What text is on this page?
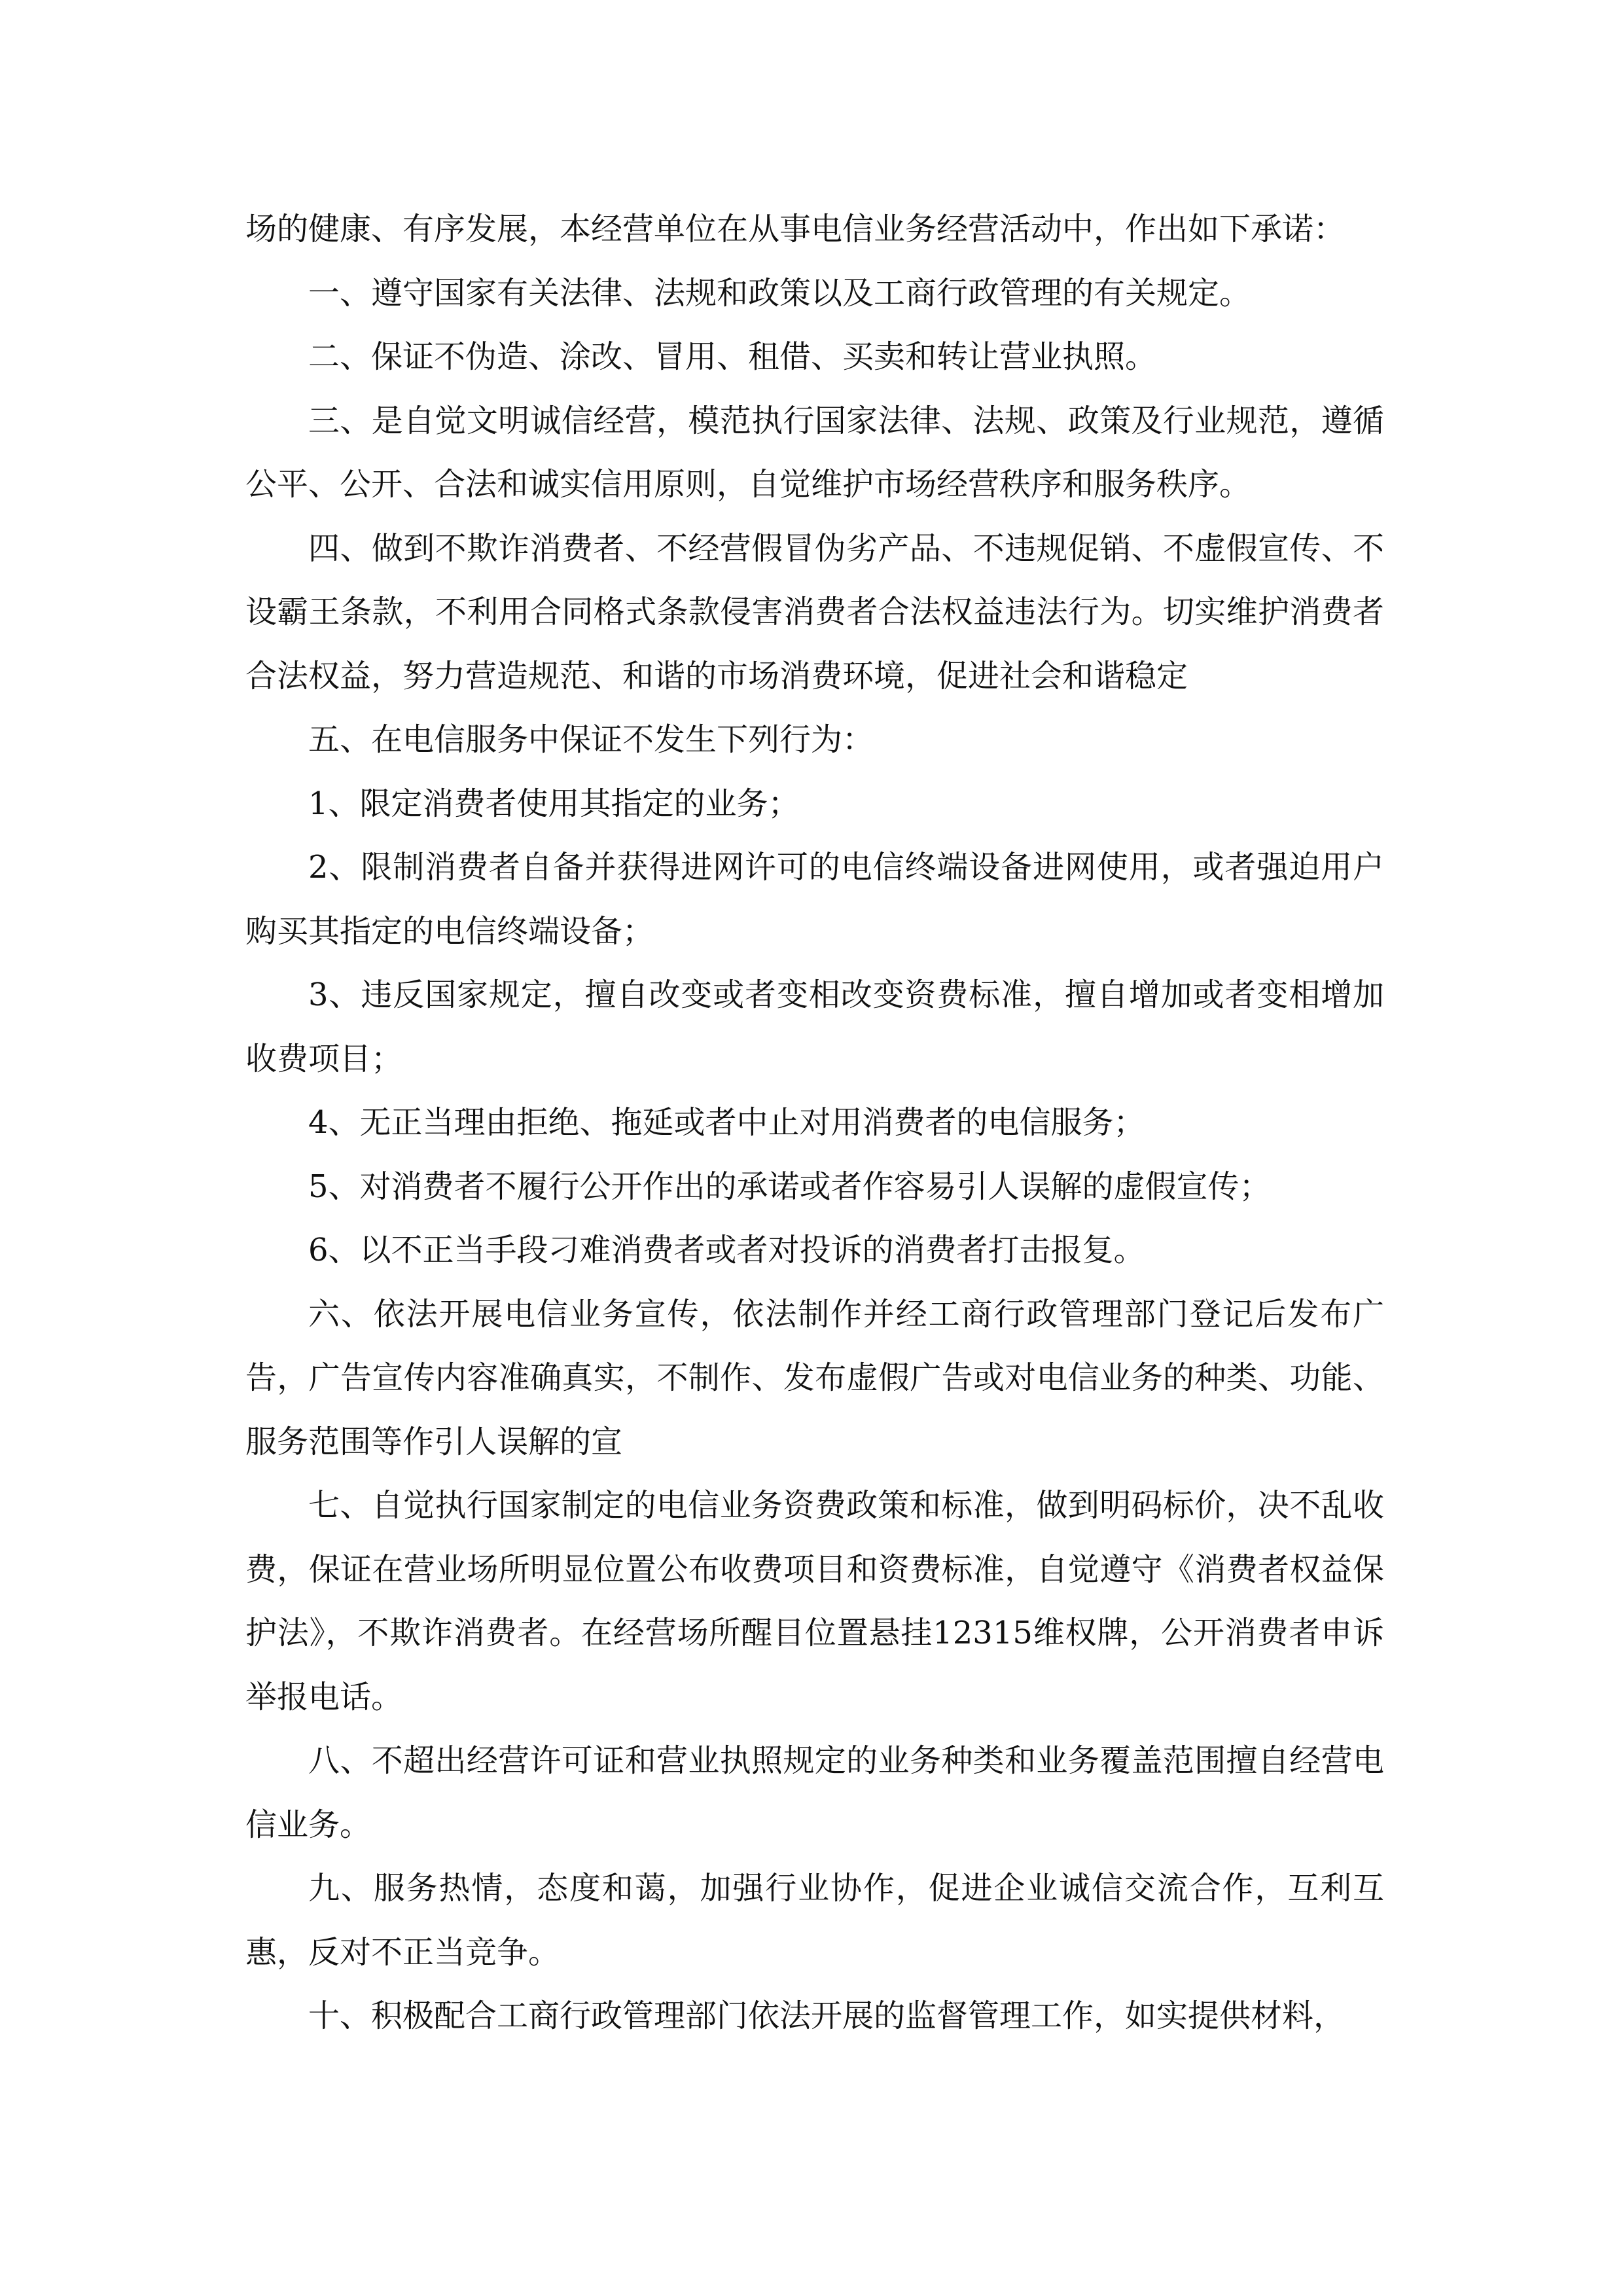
场的健康、有序发展，本经营单位在从事电信业务经营活动中，作出如下承诺：

一、遵守国家有关法律、法规和政策以及工商行政管理的有关规定。

二、保证不伪造、涂改、冒用、租借、买卖和转让营业执照。

三、是自觉文明诚信经营，模范执行国家法律、法规、政策及行业规范，遵循公平、公开、合法和诚实信用原则，自觉维护市场经营秩序和服务秩序。

四、做到不欺诈消费者、不经营假冒伪劣产品、不违规促销、不虚假宣传、不设霸王条款，不利用合同格式条款侵害消费者合法权益违法行为。切实维护消费者合法权益，努力营造规范、和谐的市场消费环境，促进社会和谐稳定

五、在电信服务中保证不发生下列行为：

1、限定消费者使用其指定的业务；

2、限制消费者自备并获得进网许可的电信终端设备进网使用，或者强迫用户购买其指定的电信终端设备；

3、违反国家规定，擅自改变或者变相改变资费标准，擅自增加或者变相增加收费项目；

4、无正当理由拒绝、拖延或者中止对用消费者的电信服务；

5、对消费者不履行公开作出的承诺或者作容易引人误解的虚假宣传；

6、以不正当手段刁难消费者或者对投诉的消费者打击报复。

六、依法开展电信业务宣传，依法制作并经工商行政管理部门登记后发布广告，广告宣传内容准确真实，不制作、发布虚假广告或对电信业务的种类、功能、服务范围等作引人误解的宣

七、自觉执行国家制定的电信业务资费政策和标准，做到明码标价，决不乱收费，保证在营业场所明显位置公布收费项目和资费标准，自觉遵守《消费者权益保护法》，不欺诈消费者。在经营场所醒目位置悬挂12315维权牌，公开消费者申诉举报电话。

八、不超出经营许可证和营业执照规定的业务种类和业务覆盖范围擅自经营电信业务。

九、服务热情，态度和蔼，加强行业协作，促进企业诚信交流合作，互利互惠，反对不正当竞争。

十、积极配合工商行政管理部门依法开展的监督管理工作，如实提供材料，
